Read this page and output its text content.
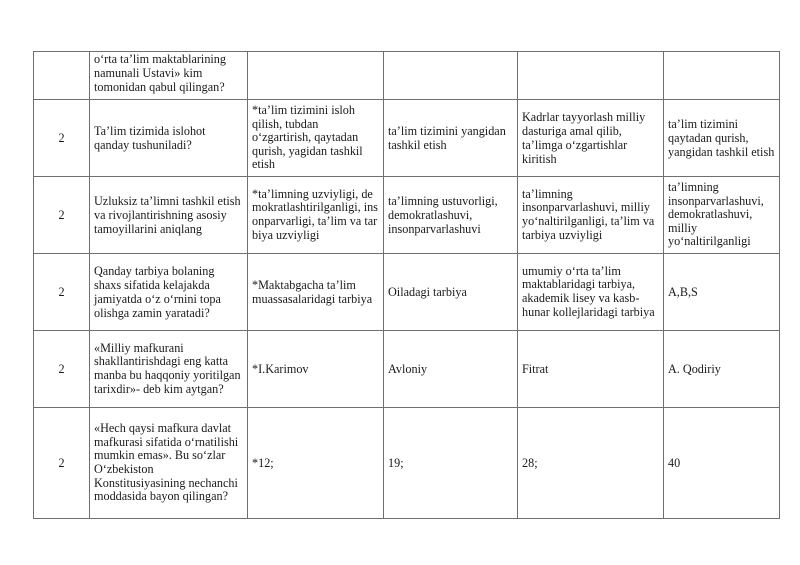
	o‘rta ta’lim maktablarining namunali Ustavi» kim tomonidan qabul qilingan?				
2	Ta’lim tizimida islohot qanday tushuniladi?	*ta’lim tizimini isloh qilish, tubdan o‘zgartirish, qaytadan qurish, yagidan tashkil etish	ta’lim tizimini yangidan tashkil etish	Kadrlar tayyorlash milliy dasturiga amal qilib, ta’limga o‘zgartishlar kiritish	ta’lim tizimini qaytadan qurish, yangidan tashkil etish
2	Uzluksiz ta’limni tashkil etish va rivojlantirishning asosiy tamoyillarini aniqlang	*ta’limning uzviyligi, demokratlashtirilganligi, insonparvarligi, ta’lim va tarbiya uzviyligi	ta’limning ustuvorligi, demokratlashuvi, insonparvarlashuvi	ta’limning insonparvarlashuvi, milliy yo‘naltirilganligi, ta’lim va tarbiya uzviyligi	ta’limning insonparvarlashuvi, demokratlashuvi, milliy yo‘naltirilganligi
2	Qanday tarbiya bolaning shaxs sifatida kelajakda jamiyatda o‘z o‘rnini topa olishga zamin yaratadi?	*Maktabgacha ta’lim muassasalaridagi tarbiya	Oiladagi tarbiya	umumiy o‘rta ta’lim maktablaridagi tarbiya, akademik lisey va kasb-hunar kollejlaridagi tarbiya	A,B,S
2	«Milliy mafkurani shakllantirishdagi eng katta manba bu haqqoniy yoritilgan tarixdir»- deb kim aytgan?	*I.Karimov	Avloniy	Fitrat	A. Qodiriy
2	«Hech qaysi mafkura davlat mafkurasi sifatida o‘rnatilishi mumkin emas». Bu so‘zlar O‘zbekiston Konstitusiyasining nechanchi moddasida bayon qilingan?	*12;	19;	28;	40
